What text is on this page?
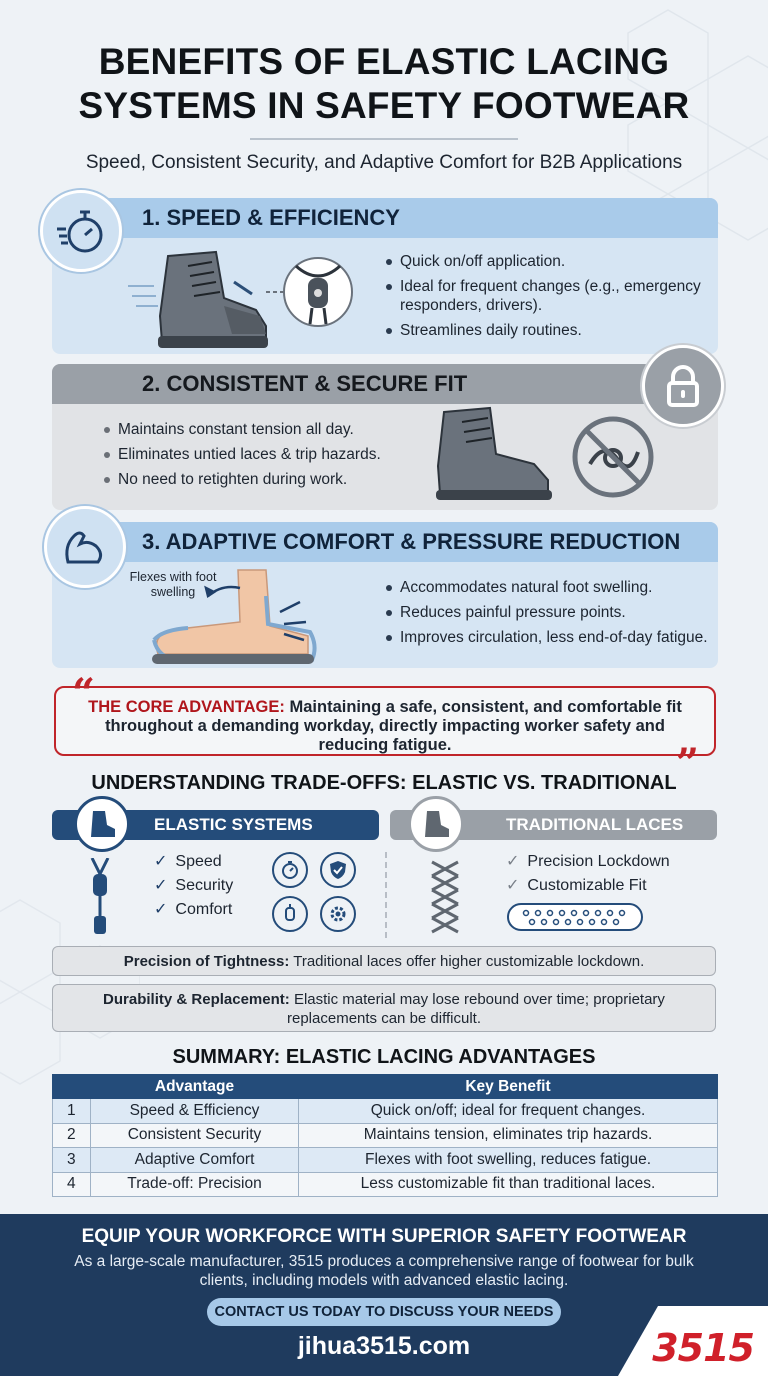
BENEFITS OF ELASTIC LACING
SYSTEMS IN SAFETY FOOTWEAR
Speed, Consistent Security, and Adaptive Comfort for B2B Applications
1. SPEED & EFFICIENCY
Quick on/off application.
Ideal for frequent changes (e.g., emergency responders, drivers).
Streamlines daily routines.
2. CONSISTENT & SECURE FIT
Maintains constant tension all day.
Eliminates untied laces & trip hazards.
No need to retighten during work.
3. ADAPTIVE COMFORT & PRESSURE REDUCTION
Flexes with foot swelling	Accommodates natural foot swelling.
Reduces painful pressure points.
Improves circulation, less end-of-day fatigue.
THE CORE ADVANTAGE: Maintaining a safe, consistent, and comfortable fit throughout a demanding workday, directly impacting worker safety and reducing fatigue.
“
”
UNDERSTANDING TRADE-OFFS: ELASTIC VS. TRADITIONAL
ELASTIC SYSTEMS	TRADITIONAL LACES
✓ Speed
✓ Security
✓ Comfort
✓ Precision Lockdown
✓ Customizable Fit
Precision of Tightness: Traditional laces offer higher customizable lockdown.
Durability & Replacement: Elastic material may lose rebound over time; proprietary replacements can be difficult.
SUMMARY: ELASTIC LACING ADVANTAGES
	Advantage	Key Benefit
1	Speed & Efficiency	Quick on/off; ideal for frequent changes.
2	Consistent Security	Maintains tension, eliminates trip hazards.
3	Adaptive Comfort	Flexes with foot swelling, reduces fatigue.
4	Trade-off: Precision	Less customizable fit than traditional laces.
EQUIP YOUR WORKFORCE WITH SUPERIOR SAFETY FOOTWEAR
As a large-scale manufacturer, 3515 produces a comprehensive range of footwear for bulk clients, including models with advanced elastic lacing.
CONTACT US TODAY TO DISCUSS YOUR NEEDS
jihua3515.com	3515
